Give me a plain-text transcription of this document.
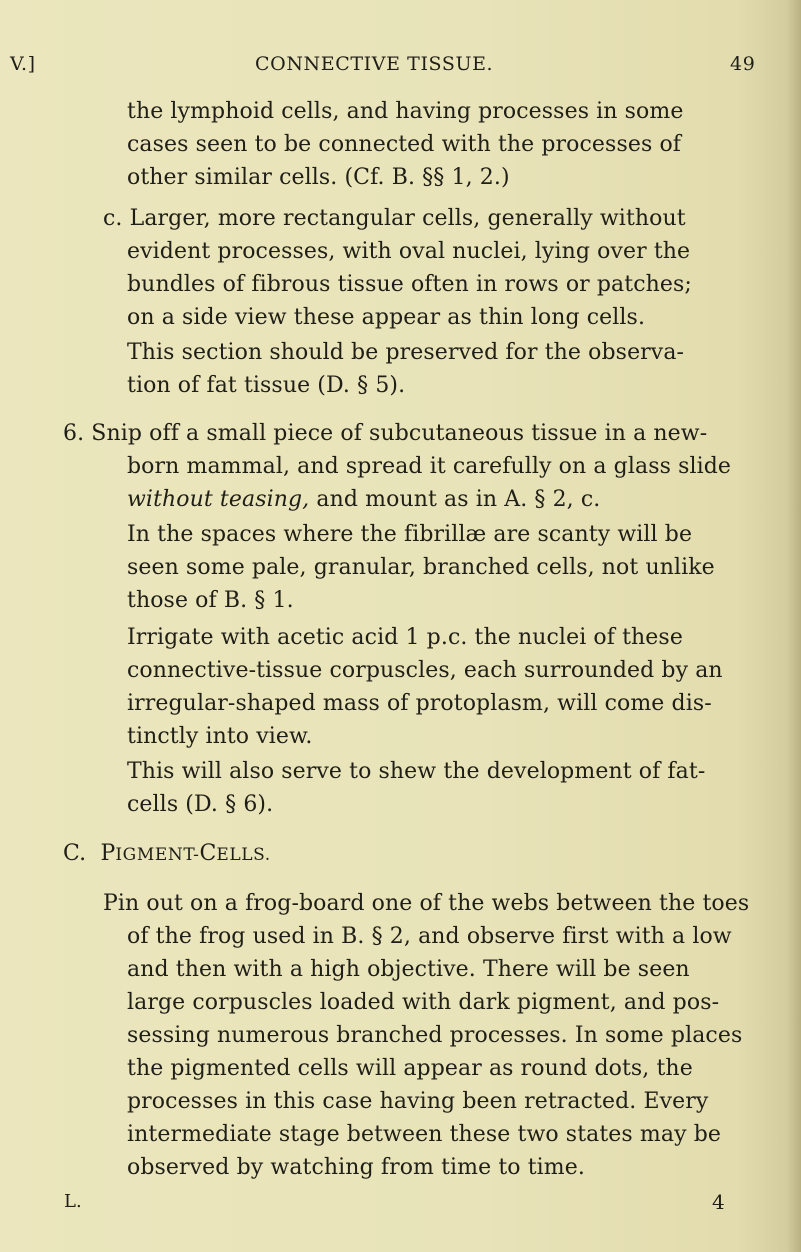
V.]	CONNECTIVE TISSUE.	49
the lymphoid cells, and having processes in some
cases seen to be connected with the processes of
other similar cells. (Cf. B. §§ 1, 2.)
c. Larger, more rectangular cells, generally without
evident processes, with oval nuclei, lying over the
bundles of fibrous tissue often in rows or patches;
on a side view these appear as thin long cells.
This section should be preserved for the observa-
tion of fat tissue (D. § 5).
6. Snip off a small piece of subcutaneous tissue in a new-
born mammal, and spread it carefully on a glass slide
without teasing, and mount as in A. § 2, c.
In the spaces where the fibrillæ are scanty will be
seen some pale, granular, branched cells, not unlike
those of B. § 1.
Irrigate with acetic acid 1 p.c. the nuclei of these
connective-tissue corpuscles, each surrounded by an
irregular-shaped mass of protoplasm, will come dis-
tinctly into view.
This will also serve to shew the development of fat-
cells (D. § 6).
C. PIGMENT-CELLS.
Pin out on a frog-board one of the webs between the toes
of the frog used in B. § 2, and observe first with a low
and then with a high objective. There will be seen
large corpuscles loaded with dark pigment, and pos-
sessing numerous branched processes. In some places
the pigmented cells will appear as round dots, the
processes in this case having been retracted. Every
intermediate stage between these two states may be
observed by watching from time to time.
L.	4
